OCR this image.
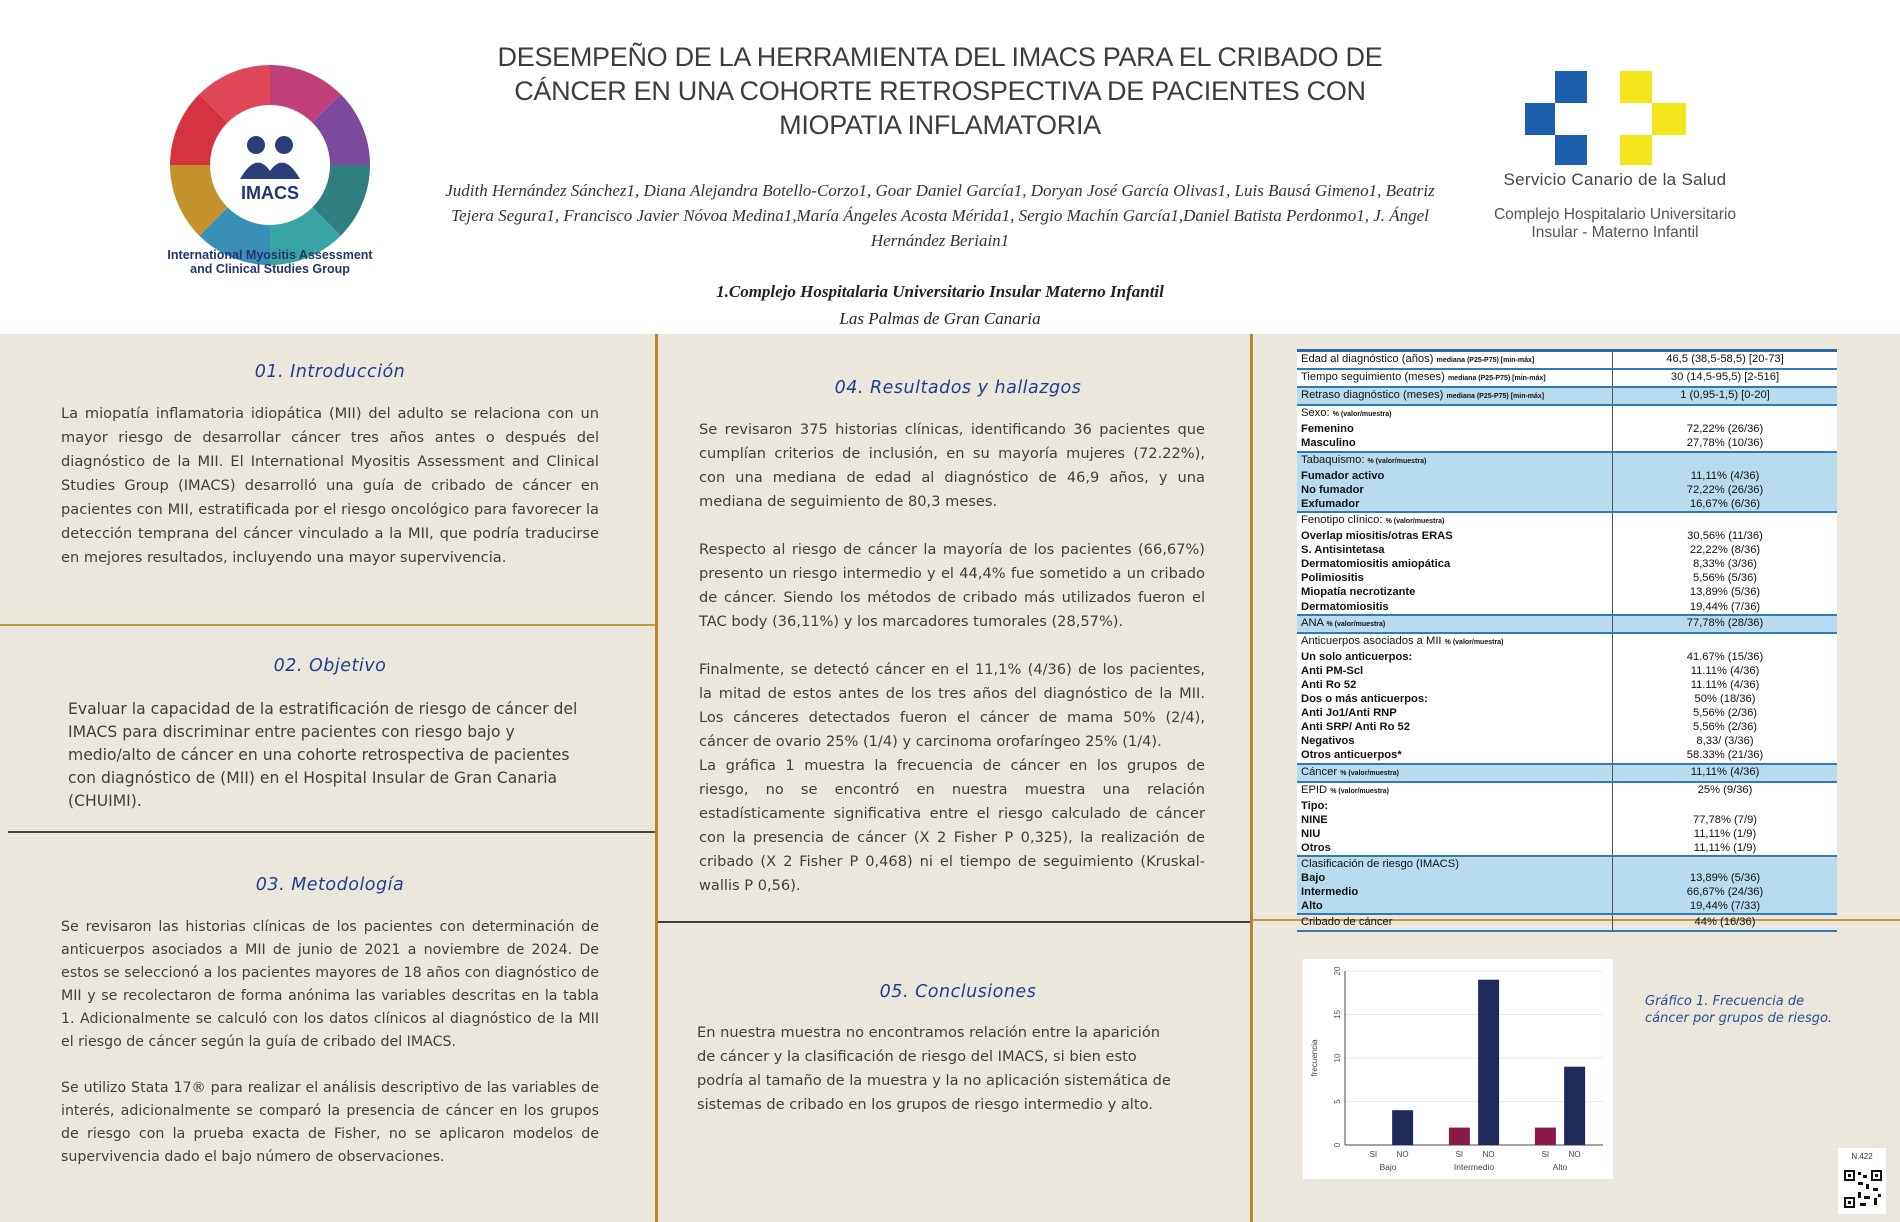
IMACS
International Myositis Assessment
and Clinical Studies Group
DESEMPEÑO DE LA HERRAMIENTA DEL IMACS PARA EL CRIBADO DE
CÁNCER EN UNA COHORTE RETROSPECTIVA DE PACIENTES CON
MIOPATIA INFLAMATORIA
Judith Hernández Sánchez1, Diana Alejandra Botello-Corzo1, Goar Daniel García1, Doryan José García Olivas1, Luis Bausá Gimeno1, Beatriz
Tejera Segura1, Francisco Javier Nóvoa Medina1,María Ángeles Acosta Mérida1, Sergio Machín García1,Daniel Batista Perdonmo1, J. Ángel
Hernández Beriain1
1.Complejo Hospitalaria Universitario Insular Materno Infantil
Las Palmas de Gran Canaria
Servicio Canario de la Salud
Complejo Hospitalario Universitario
Insular - Materno Infantil
01. Introducción
La miopatía inflamatoria idiopática (MII) del adulto se relaciona con un mayor riesgo de desarrollar cáncer tres años antes o después del diagnóstico de la MII. El International Myositis Assessment and Clinical Studies Group (IMACS) desarrolló una guía de cribado de cáncer en pacientes con MII, estratificada por el riesgo oncológico para favorecer la detección temprana del cáncer vinculado a la MII, que podría traducirse en mejores resultados, incluyendo una mayor supervivencia.
02. Objetivo
Evaluar la capacidad de la estratificación de riesgo de cáncer del IMACS para discriminar entre pacientes con riesgo bajo y medio/alto de cáncer en una cohorte retrospectiva de pacientes con diagnóstico de (MII) en el Hospital Insular de Gran Canaria (CHUIMI).
03. Metodología

Se revisaron las historias clínicas de los pacientes con determinación de anticuerpos asociados a MII de junio de 2021 a noviembre de 2024. De estos se seleccionó a los pacientes mayores de 18 años con diagnóstico de MII y se recolectaron de forma anónima las variables descritas en la tabla 1. Adicionalmente se calculó con los datos clínicos al diagnóstico de la MII el riesgo de cáncer según la guía de cribado del IMACS.

Se utilizo Stata 17® para realizar el análisis descriptivo de las variables de interés, adicionalmente se comparó la presencia de cáncer en los grupos de riesgo con la prueba exacta de Fisher, no se aplicaron modelos de supervivencia dado el bajo número de observaciones.

04. Resultados y hallazgos

Se revisaron 375 historias clínicas, identificando 36 pacientes que cumplían criterios de inclusión, en su mayoría mujeres (72.22%), con una mediana de edad al diagnóstico de 46,9 años, y una mediana de seguimiento de 80,3 meses.

Respecto al riesgo de cáncer la mayoría de los pacientes (66,67%) presento un riesgo intermedio y el 44,4% fue sometido a un cribado de cáncer. Siendo los métodos de cribado más utilizados fueron el TAC body (36,11%) y los marcadores tumorales (28,57%).

Finalmente, se detectó cáncer en el 11,1% (4/36) de los pacientes, la mitad de estos antes de los tres años del diagnóstico de la MII. Los cánceres detectados fueron el cáncer de mama 50% (2/4), cáncer de ovario 25% (1/4) y carcinoma orofaríngeo 25% (1/4).

La gráfica 1 muestra la frecuencia de cáncer en los grupos de riesgo, no se encontró en nuestra muestra una relación estadísticamente significativa entre el riesgo calculado de cáncer con la presencia de cáncer (X 2 Fisher P 0,325), la realización de cribado (X 2 Fisher P 0,468) ni el tiempo de seguimiento (Kruskal-wallis P 0,56).

05. Conclusiones
En nuestra muestra no encontramos relación entre la aparición de cáncer y la clasificación de riesgo del IMACS, si bien esto podría al tamaño de la muestra y la no aplicación sistemática de sistemas de cribado en los grupos de riesgo intermedio y alto.
Edad al diagnóstico (años) mediana (P25-P75) [min-máx]	46,5 (38,5-58,5) [20-73]
Tiempo seguimiento (meses) mediana (P25-P75) [min-máx]	30 (14,5-95,5) [2-516]
Retraso diagnóstico (meses) mediana (P25-P75) [min-máx]	1 (0,95-1,5) [0-20]
Sexo: % (valor/muestra)
Femenino	72,22% (26/36)
Masculino	27,78% (10/36)
Tabaquismo: % (valor/muestra)
Fumador activo	11,11% (4/36)
No fumador	72,22% (26/36)
Exfumador	16,67% (6/36)
Fenotipo clínico: % (valor/muestra)
Overlap miositis/otras ERAS	30,56% (11/36)
S. Antisintetasa	22,22% (8/36)
Dermatomiositis amiopática	8,33% (3/36)
Polimiositis	5,56% (5/36)
Miopatía necrotizante	13,89% (5/36)
Dermatomiositis	19,44% (7/36)
ANA % (valor/muestra)	77,78% (28/36)
Anticuerpos asociados a MII % (valor/muestra)
Un solo anticuerpos:	41.67% (15/36)
Anti PM-Scl	11.11% (4/36)
Anti Ro 52	11.11% (4/36)
Dos o más anticuerpos:	50% (18/36)
Anti Jo1/Anti RNP	5,56% (2/36)
Anti SRP/ Anti Ro 52	5,56% (2/36)
Negativos	8,33/ (3/36)
Otros anticuerpos*	58.33% (21/36)
Cáncer % (valor/muestra)	11,11% (4/36)
EPID % (valor/muestra)	25% (9/36)
Tipo:
NINE	77,78% (7/9)
NIU	11,11% (1/9)
Otros	11,11% (1/9)
Clasificación de riesgo (IMACS)
Bajo	13,89% (5/36)
Intermedio	66,67% (24/36)
Alto	19,44% (7/33)
Cribado de cáncer	44% (16/36)
0
5
10
15
20
frecuencia
SI NO
Bajo
SI NO
Intermedio
SI NO
Alto
Gráfico 1. Frecuencia de
cáncer por grupos de riesgo.
N.422
